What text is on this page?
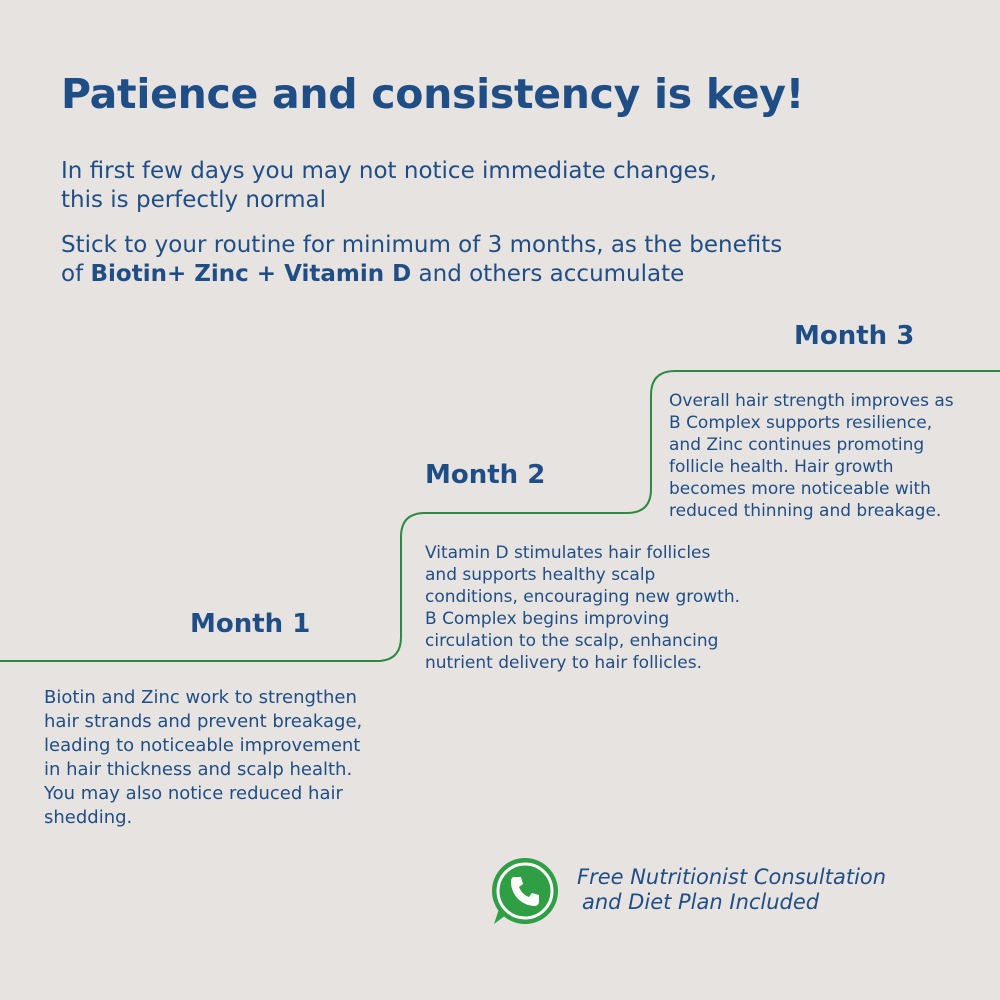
Patience and consistency is key!

In first few days you may not notice immediate changes,
this is perfectly normal

Stick to your routine for minimum of 3 months, as the benefits
of Biotin+ Zinc + Vitamin D and others accumulate

Month 1

Biotin and Zinc work to strengthen
hair strands and prevent breakage,
leading to noticeable improvement
in hair thickness and scalp health.
You may also notice reduced hair
shedding.

Month 2

Vitamin D stimulates hair follicles
and supports healthy scalp
conditions, encouraging new growth.
B Complex begins improving
circulation to the scalp, enhancing
nutrient delivery to hair follicles.

Month 3

Overall hair strength improves as
B Complex supports resilience,
and Zinc continues promoting
follicle health. Hair growth
becomes more noticeable with
reduced thinning and breakage.

Free Nutritionist Consultation

and Diet Plan Included
